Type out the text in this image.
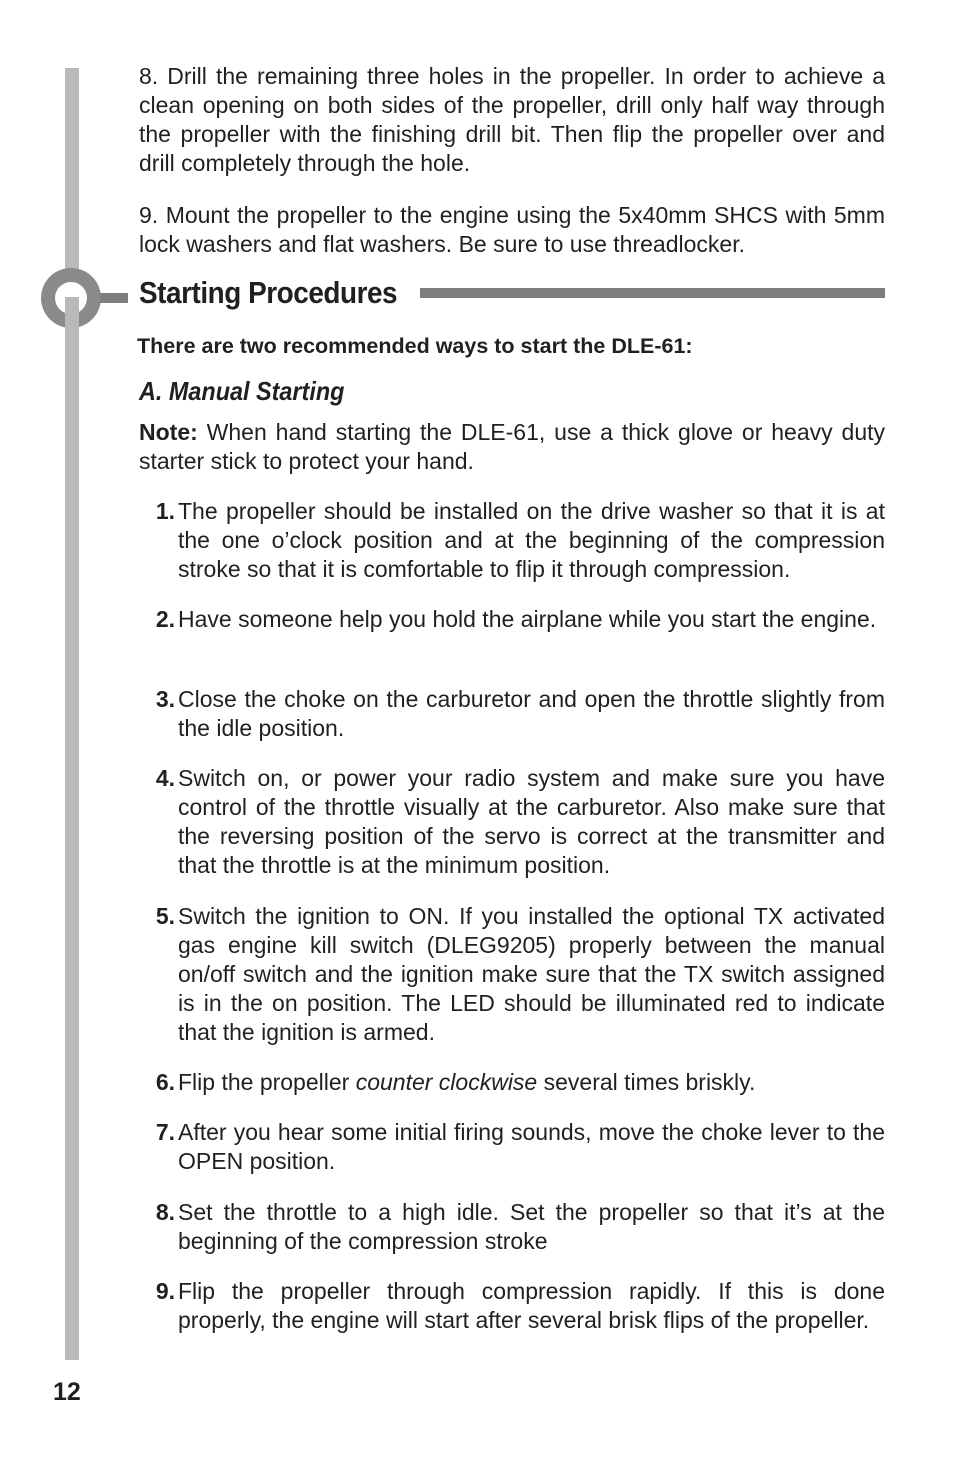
8. Drill the remaining three holes in the propeller. In order to achieve a clean opening on both sides of the propeller, drill only half way through the propeller with the finishing drill bit. Then flip the propeller over and drill completely through the hole.

9. Mount the propeller to the engine using the 5x40mm SHCS with 5mm lock washers and flat washers. Be sure to use threadlocker.

Starting Procedures
There are two recommended ways to start the DLE-61:
A. Manual Starting

Note: When hand starting the DLE-61, use a thick glove or heavy duty starter stick to protect your hand.

1. The propeller should be installed on the drive washer so that it is at the one o’clock position and at the beginning of the compression stroke so that it is comfortable to flip it through compression.
2. Have someone help you hold the airplane while you start the engine.
3. Close the choke on the carburetor and open the throttle slightly from the idle position.
4. Switch on, or power your radio system and make sure you have control of the throttle visually at the carburetor. Also make sure that the reversing position of the servo is correct at the transmitter and that the throttle is at the minimum position.
5. Switch the ignition to ON. If you installed the optional TX activated gas engine kill switch (DLEG9205) properly between the manual on/off switch and the ignition make sure that the TX switch assigned is in the on position. The LED should be illuminated red to indicate that the ignition is armed.
6. Flip the propeller counter clockwise several times briskly.
7. After you hear some initial firing sounds, move the choke lever to the OPEN position.
8. Set the throttle to a high idle. Set the propeller so that it’s at the beginning of the compression stroke
9. Flip the propeller through compression rapidly. If this is done properly, the engine will start after several brisk flips of the propeller.
12
